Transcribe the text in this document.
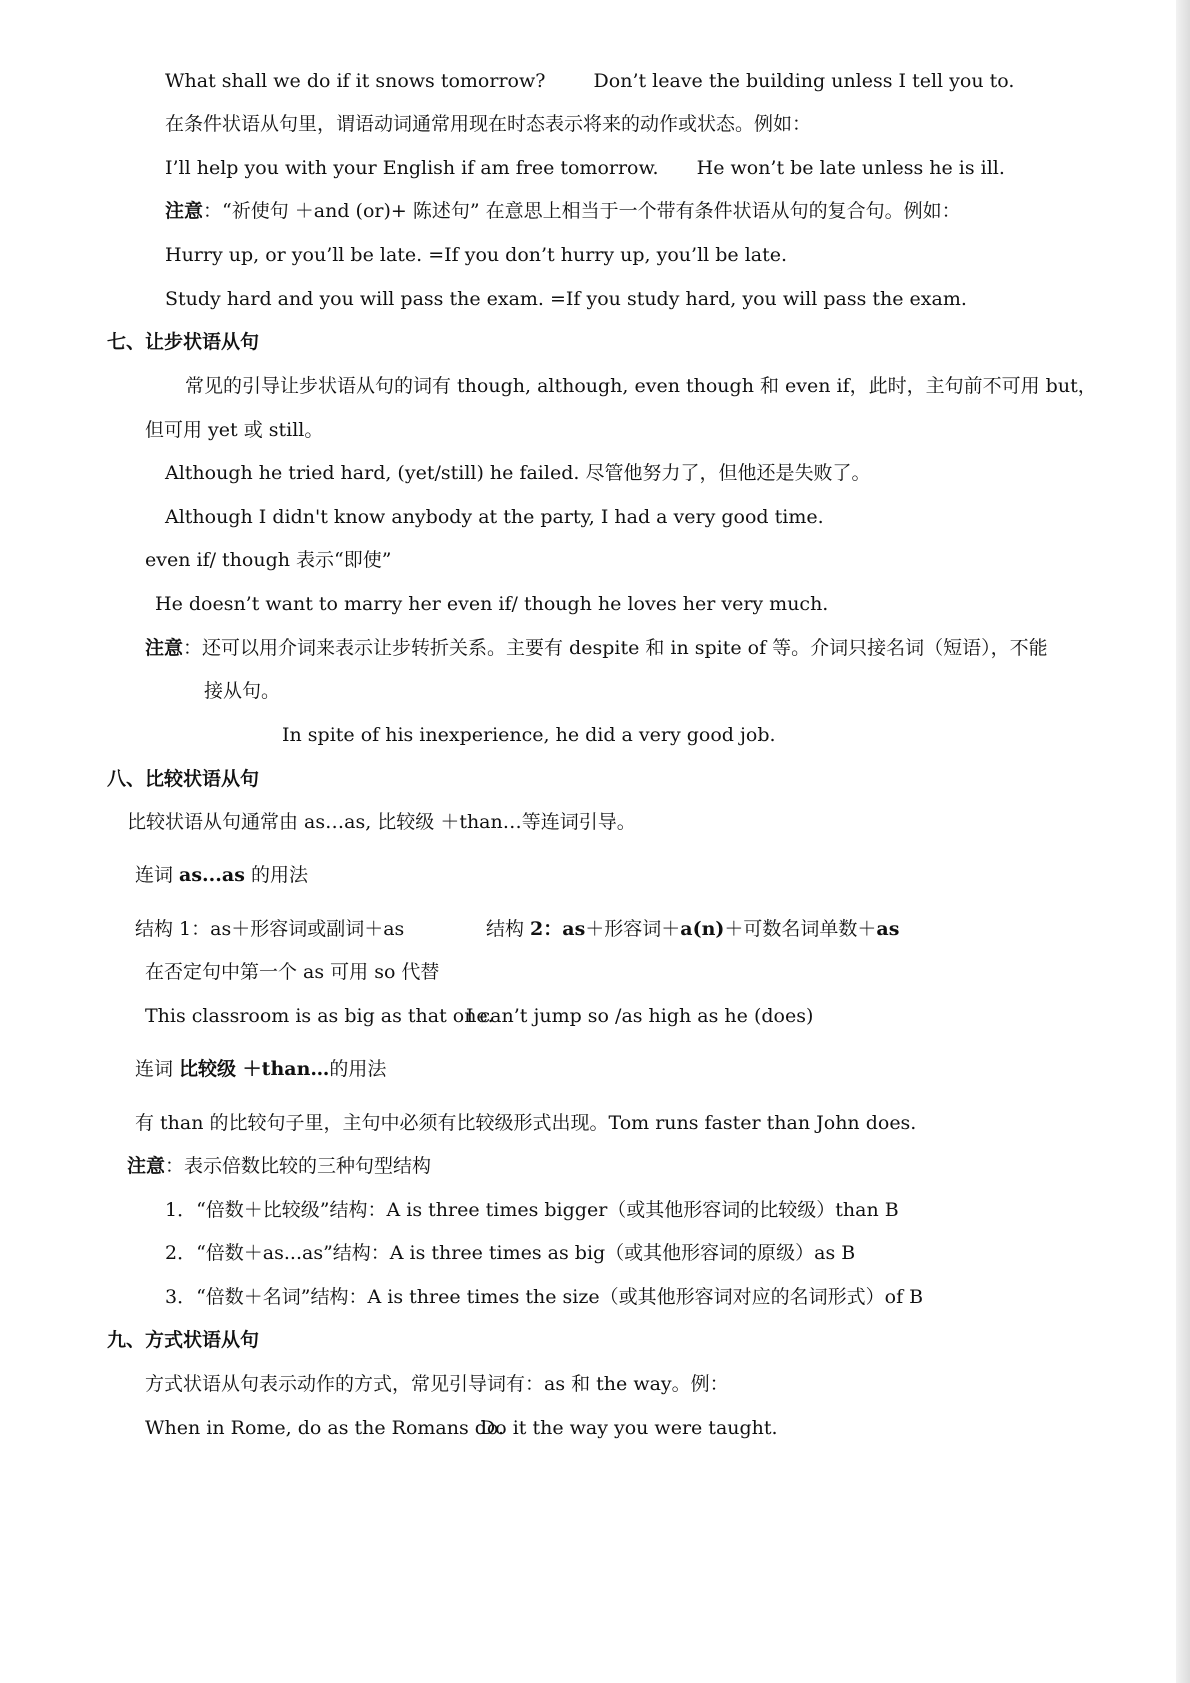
What shall we do if it snows tomorrow?	Don’t leave the building unless I tell you to.
在条件状语从句里，谓语动词通常用现在时态表示将来的动作或状态。例如：
I’ll help you with your English if am free tomorrow. He won’t be late unless he is ill.
注意：“祈使句 ＋and (or)+ 陈述句” 在意思上相当于一个带有条件状语从句的复合句。例如：
Hurry up, or you’ll be late. =If you don’t hurry up, you’ll be late.
Study hard and you will pass the exam. =If you study hard, you will pass the exam.
七、让步状语从句
常见的引导让步状语从句的词有 though, although, even though 和 even if，此时，主句前不可用 but，
但可用 yet 或 still。
Although he tried hard, (yet/still) he failed. 尽管他努力了，但他还是失败了。
Although I didn't know anybody at the party, I had a very good time.
even if/ though 表示“即使”
He doesn’t want to marry her even if/ though he loves her very much.
注意：还可以用介词来表示让步转折关系。主要有 despite 和 in spite of 等。介词只接名词（短语），不能
接从句。
In spite of his inexperience, he did a very good job.
八、比较状语从句
比较状语从句通常由 as…as, 比较级 ＋than…等连词引导。
连词 as...as 的用法
结构 1：as＋形容词或副词＋as	结构 2：as＋形容词＋a(n)＋可数名词单数＋as
在否定句中第一个 as 可用 so 代替
This classroom is as big as that one.
I can’t jump so /as high as he (does)
连词 比较级 ＋than…的用法
有 than 的比较句子里，主句中必须有比较级形式出现。Tom runs faster than John does.
注意：表示倍数比较的三种句型结构
1．“倍数＋比较级”结构：A is three times bigger（或其他形容词的比较级）than B
2．“倍数＋as...as”结构：A is three times as big（或其他形容词的原级）as B
3．“倍数＋名词”结构：A is three times the size（或其他形容词对应的名词形式）of B
九、方式状语从句
方式状语从句表示动作的方式，常见引导词有：as 和 the way。例：
When in Rome, do as the Romans do.
Do it the way you were taught.
